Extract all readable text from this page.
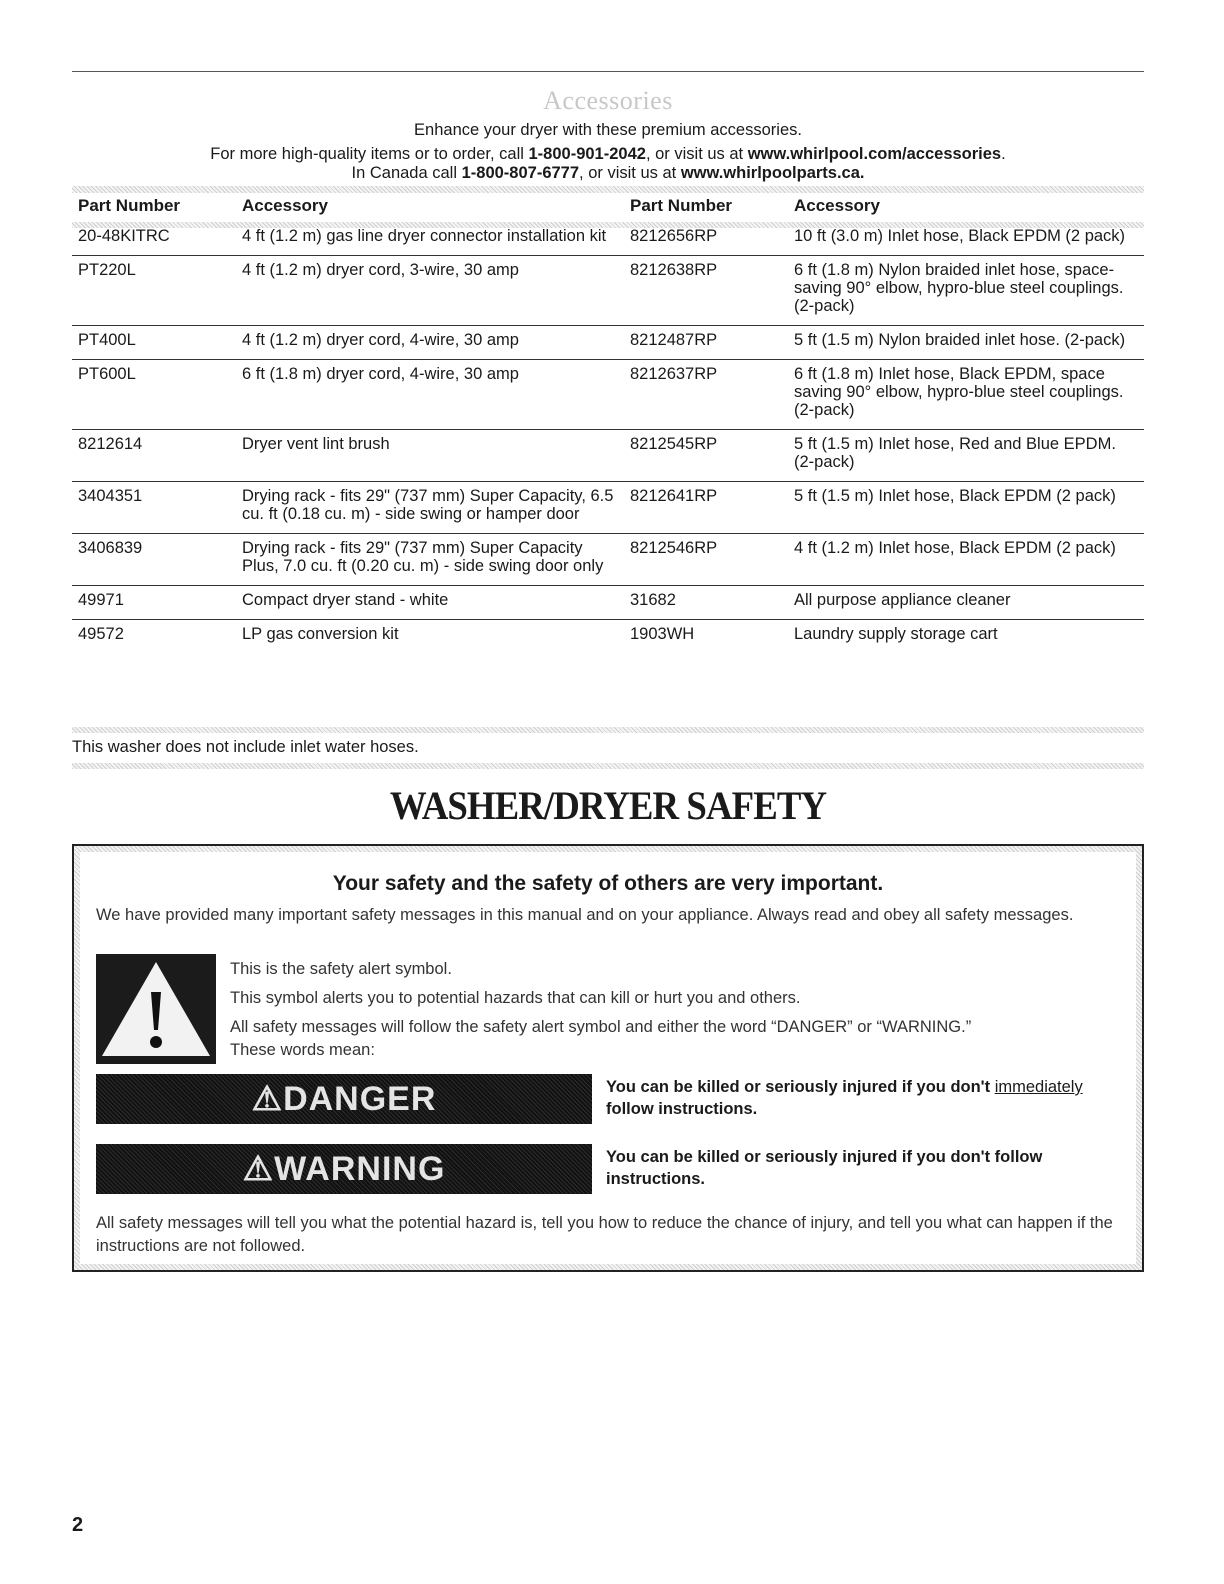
Accessories
Enhance your dryer with these premium accessories.
For more high-quality items or to order, call 1-800-901-2042, or visit us at www.whirlpool.com/accessories.
In Canada call 1-800-807-6777, or visit us at www.whirlpoolparts.ca.
Part Number	Accessory	Part Number	Accessory
20-48KITRC	4 ft (1.2 m) gas line dryer connector installation kit	8212656RP	10 ft (3.0 m) Inlet hose, Black EPDM (2 pack)
PT220L	4 ft (1.2 m) dryer cord, 3-wire, 30 amp	8212638RP	6 ft (1.8 m) Nylon braided inlet hose, space-saving 90° elbow, hypro-blue steel couplings. (2-pack)
PT400L	4 ft (1.2 m) dryer cord, 4-wire, 30 amp	8212487RP	5 ft (1.5 m) Nylon braided inlet hose. (2-pack)
PT600L	6 ft (1.8 m) dryer cord, 4-wire, 30 amp	8212637RP	6 ft (1.8 m) Inlet hose, Black EPDM, space saving 90° elbow, hypro-blue steel couplings. (2-pack)
8212614	Dryer vent lint brush	8212545RP	5 ft (1.5 m) Inlet hose, Red and Blue EPDM. (2-pack)
3404351	Drying rack - fits 29" (737 mm) Super Capacity, 6.5 cu. ft (0.18 cu. m) - side swing or hamper door	8212641RP	5 ft (1.5 m) Inlet hose, Black EPDM (2 pack)
3406839	Drying rack - fits 29" (737 mm) Super Capacity Plus, 7.0 cu. ft (0.20 cu. m) - side swing door only	8212546RP	4 ft (1.2 m) Inlet hose, Black EPDM (2 pack)
49971	Compact dryer stand - white	31682	All purpose appliance cleaner
49572	LP gas conversion kit	1903WH	Laundry supply storage cart
This washer does not include inlet water hoses.
WASHER/DRYER SAFETY
Your safety and the safety of others are very important.
We have provided many important safety messages in this manual and on your appliance. Always read and obey all safety messages.
This is the safety alert symbol.
This symbol alerts you to potential hazards that can kill or hurt you and others.
All safety messages will follow the safety alert symbol and either the word “DANGER” or “WARNING.”
These words mean:
⚠DANGER	You can be killed or seriously injured if you don't immediately follow instructions.
⚠WARNING	You can be killed or seriously injured if you don't follow instructions.
All safety messages will tell you what the potential hazard is, tell you how to reduce the chance of injury, and tell you what can happen if the instructions are not followed.
2
